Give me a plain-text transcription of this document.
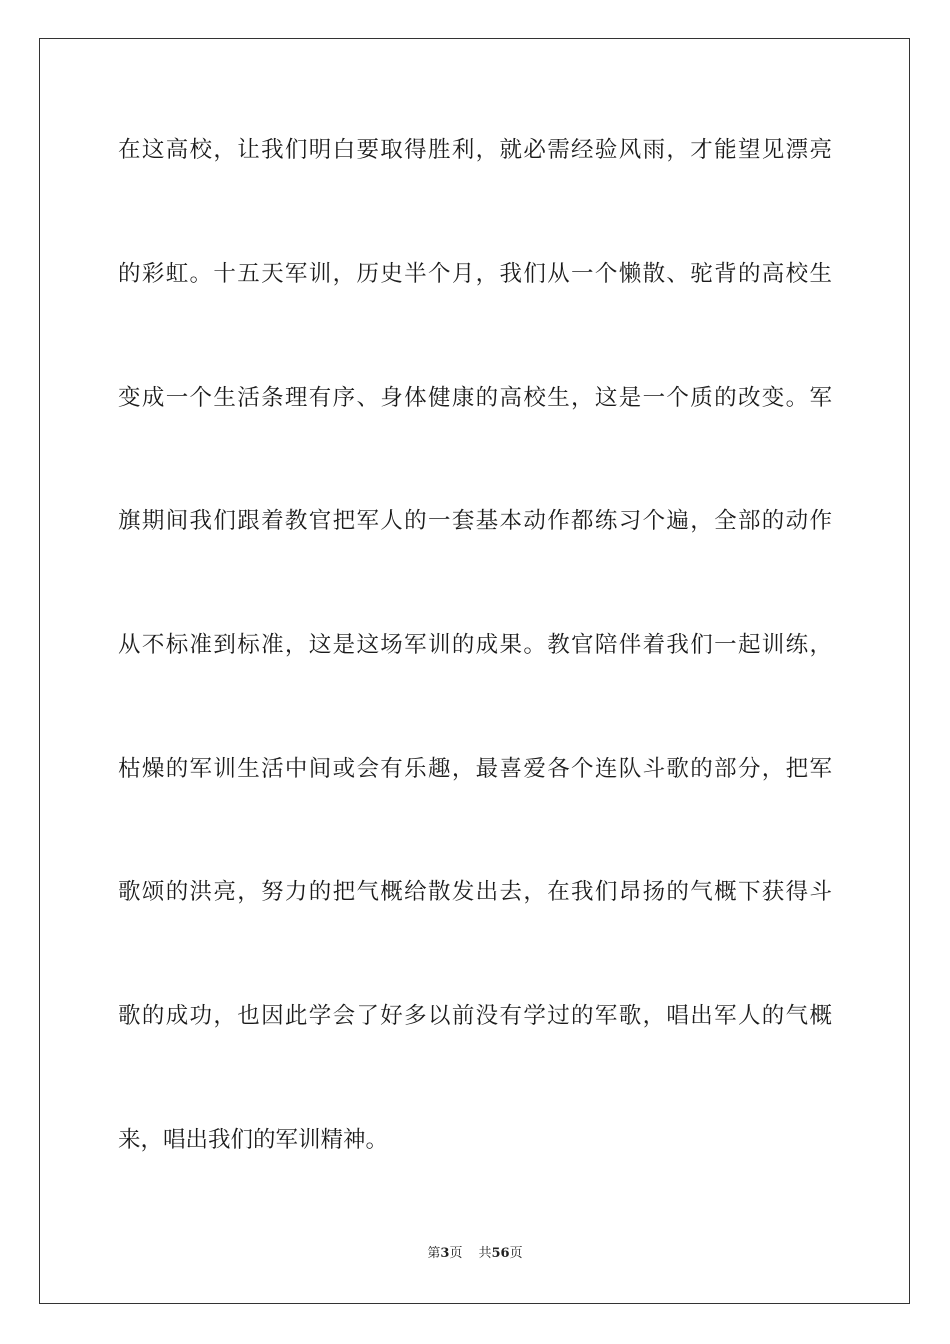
在这高校，让我们明白要取得胜利，就必需经验风雨，才能望见漂亮

的彩虹。十五天军训，历史半个月，我们从一个懒散、驼背的高校生

变成一个生活条理有序、身体健康的高校生，这是一个质的改变。军

旗期间我们跟着教官把军人的一套基本动作都练习个遍，全部的动作

从不标准到标准，这是这场军训的成果。教官陪伴着我们一起训练，

枯燥的军训生活中间或会有乐趣，最喜爱各个连队斗歌的部分，把军

歌颂的洪亮，努力的把气概给散发出去，在我们昂扬的气概下获得斗

歌的成功，也因此学会了好多以前没有学过的军歌，唱出军人的气概

来，唱出我们的军训精神。

第3页 共56页
